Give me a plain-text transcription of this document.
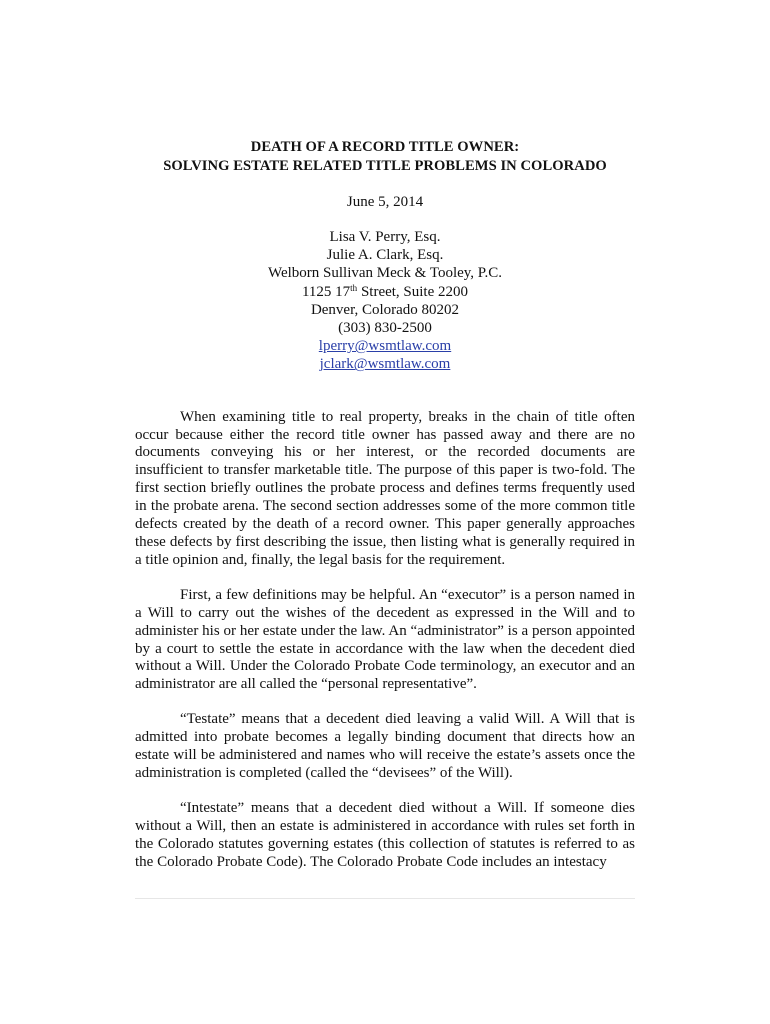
DEATH OF A RECORD TITLE OWNER:
SOLVING ESTATE RELATED TITLE PROBLEMS IN COLORADO

June 5, 2014

Lisa V. Perry, Esq.
Julie A. Clark, Esq.
Welborn Sullivan Meck & Tooley, P.C.
1125 17th Street, Suite 2200
Denver, Colorado 80202
(303) 830-2500
lperry@wsmtlaw.com
jclark@wsmtlaw.com

When examining title to real property, breaks in the chain of title often occur because either the record title owner has passed away and there are no documents conveying his or her interest, or the recorded documents are insufficient to transfer marketable title. The purpose of this paper is two-fold. The first section briefly outlines the probate process and defines terms frequently used in the probate arena. The second section addresses some of the more common title defects created by the death of a record owner. This paper generally approaches these defects by first describing the issue, then listing what is generally required in a title opinion and, finally, the legal basis for the requirement.

First, a few definitions may be helpful. An “executor” is a person named in a Will to carry out the wishes of the decedent as expressed in the Will and to administer his or her estate under the law. An “administrator” is a person appointed by a court to settle the estate in accordance with the law when the decedent died without a Will. Under the Colorado Probate Code terminology, an executor and an administrator are all called the “personal representative”.

“Testate” means that a decedent died leaving a valid Will. A Will that is admitted into probate becomes a legally binding document that directs how an estate will be administered and names who will receive the estate’s assets once the administration is completed (called the “devisees” of the Will).

“Intestate” means that a decedent died without a Will. If someone dies without a Will, then an estate is administered in accordance with rules set forth in the Colorado statutes governing estates (this collection of statutes is referred to as the Colorado Probate Code). The Colorado Probate Code includes an intestacy
